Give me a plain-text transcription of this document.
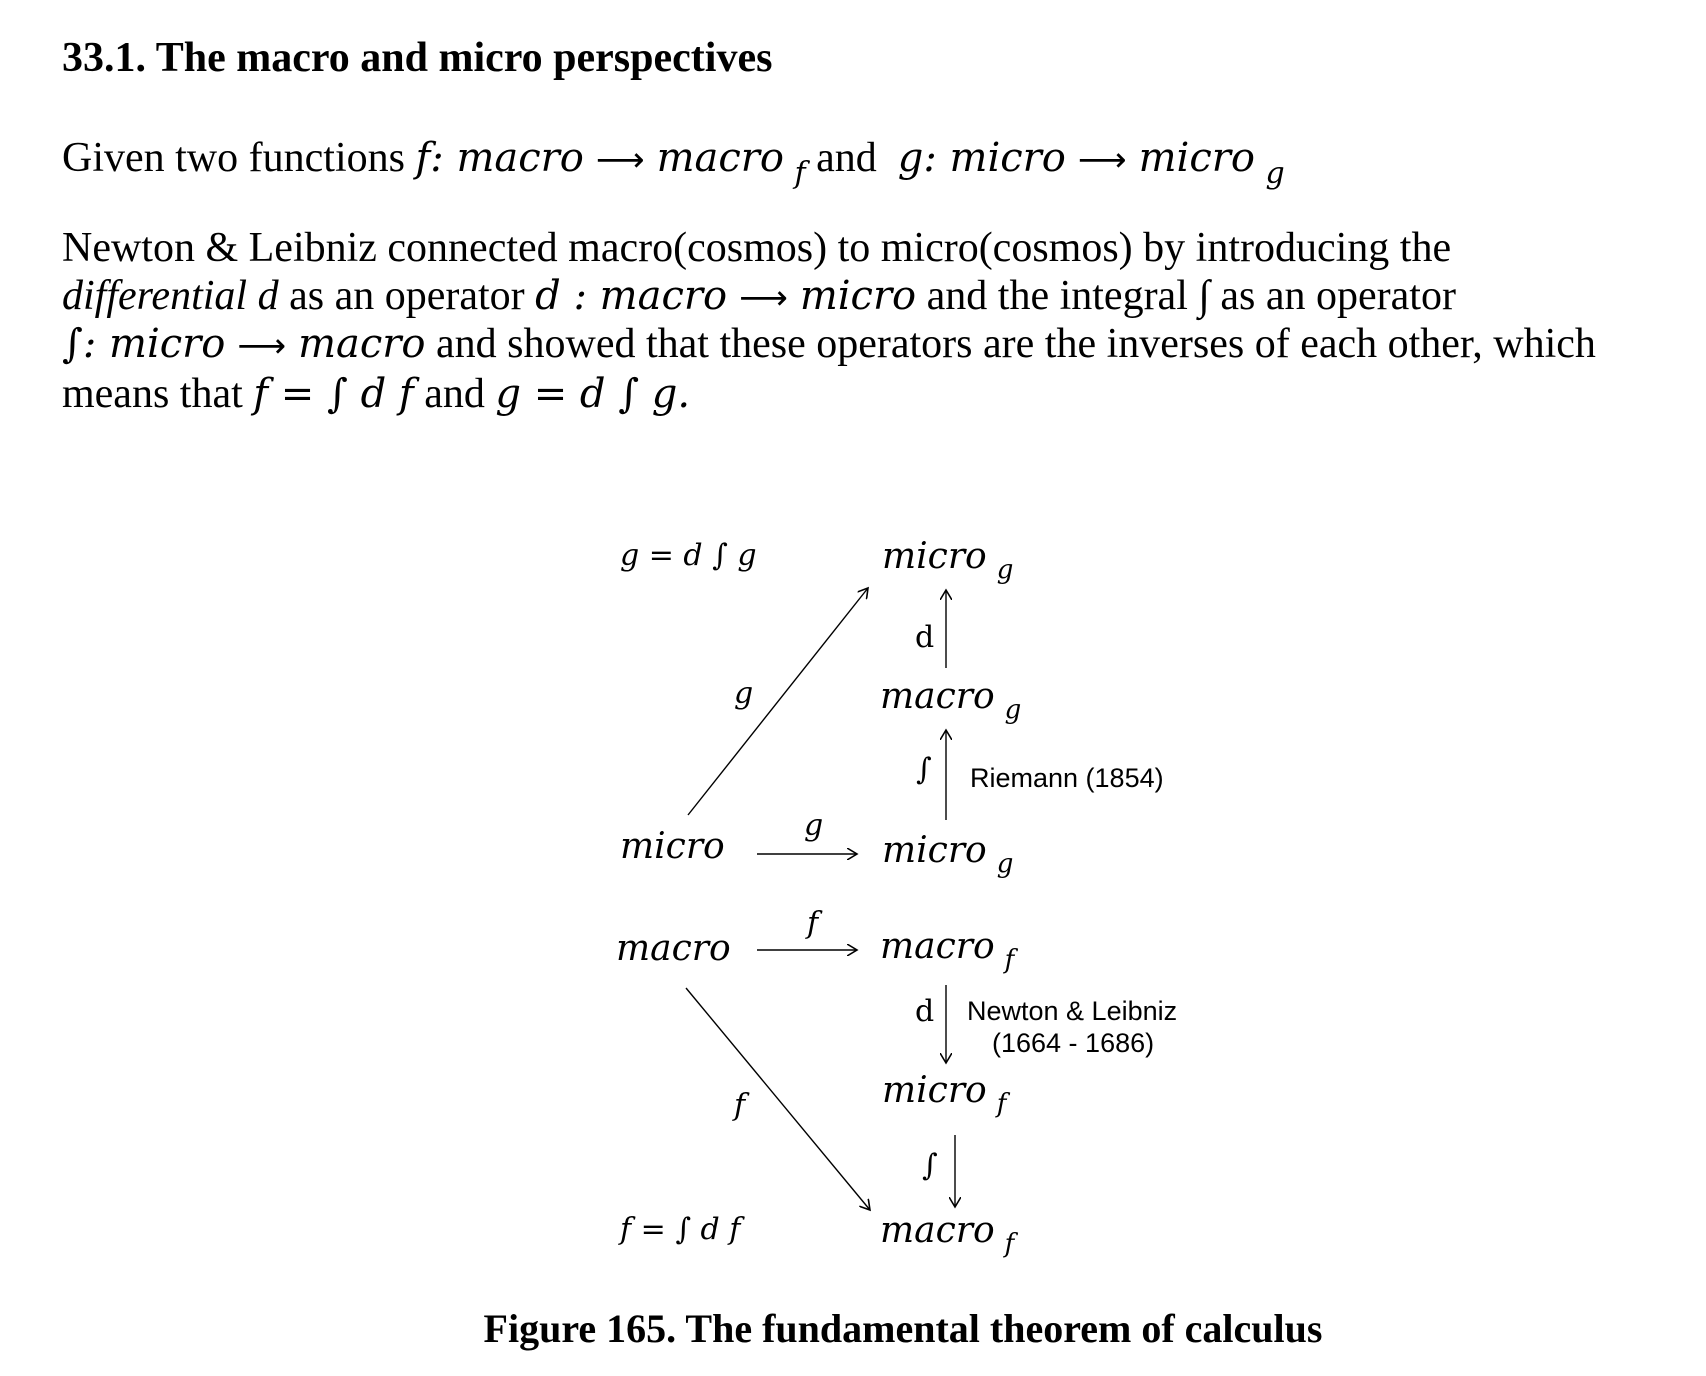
33.1. The macro and micro perspectives
Given two functions f: macro ⟶ macro $_f$ and  g: micro ⟶ micro $_g$
Newton & Leibniz connected macro(cosmos) to micro(cosmos) by introducing the
differential d as an operator d : macro ⟶ micro and the integral ∫ as an operator
∫: micro ⟶ macro and showed that these operators are the inverses of each other, which
means that f = ∫ d f and g = d ∫ g.
g = d ∫ g
g
g
f
f
f = ∫ d f
micro
macro
micro $_g$
macro $_g$
micro $_g$
macro $_f$
micro $_f$
macro $_f$
d
∫
d
∫
Riemann (1854)
Newton & Leibniz
(1664 - 1686)
Figure 165. The fundamental theorem of calculus
